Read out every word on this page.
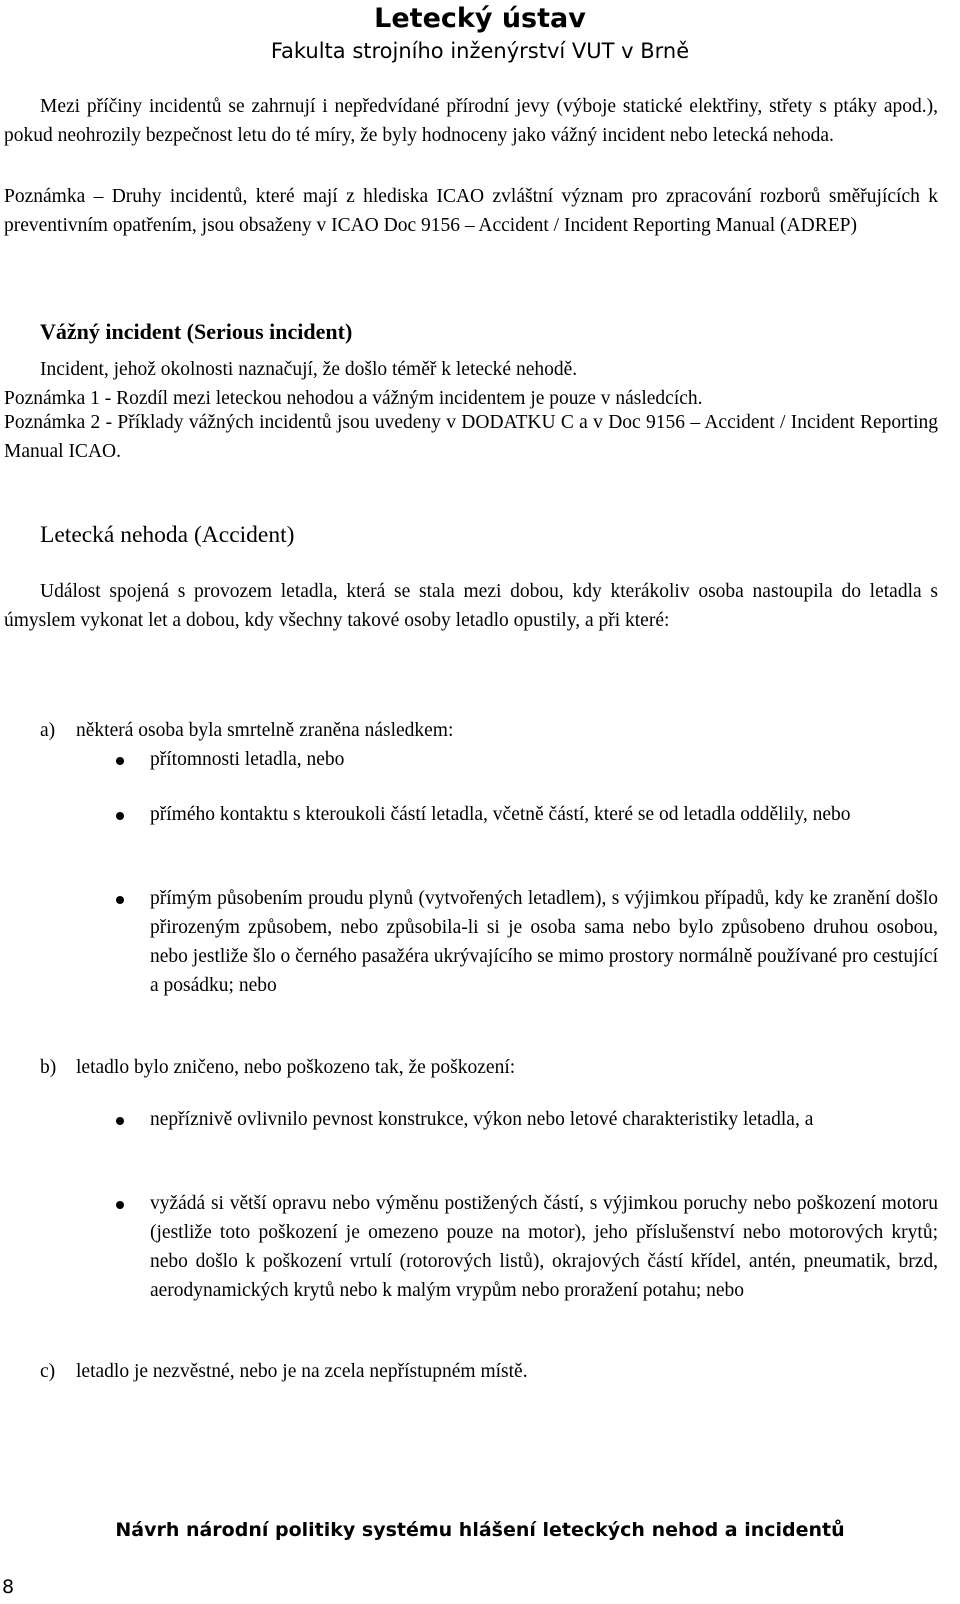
Letecký ústav

Fakulta strojního inženýrství VUT v Brně

Mezi příčiny incidentů se zahrnují i nepředvídané přírodní jevy (výboje statické elektřiny, střety s ptáky apod.), pokud neohrozily bezpečnost letu do té míry, že byly hodnoceny jako vážný incident nebo letecká nehoda.

Poznámka – Druhy incidentů, které mají z hlediska ICAO zvláštní význam pro zpracování rozborů směřujících k preventivním opatřením, jsou obsaženy v ICAO Doc 9156 – Accident / Incident Reporting Manual (ADREP)

Vážný incident (Serious incident)

Incident, jehož okolnosti naznačují, že došlo téměř k letecké nehodě.

Poznámka 1 - Rozdíl mezi leteckou nehodou a vážným incidentem je pouze v následcích.

Poznámka 2 - Příklady vážných incidentů jsou uvedeny v DODATKU C a v Doc 9156 – Accident / Incident Reporting Manual ICAO.

Letecká nehoda (Accident)

Událost spojená s provozem letadla, která se stala mezi dobou, kdy kterákoliv osoba nastoupila do letadla s úmyslem vykonat let a dobou, kdy všechny takové osoby letadlo opustily, a při které:

a) některá osoba byla smrtelně zraněna následkem:

přítomnosti letadla, nebo

přímého kontaktu s kteroukoli částí letadla, včetně částí, které se od letadla oddělily, nebo

přímým působením proudu plynů (vytvořených letadlem), s výjimkou případů, kdy ke zranění došlo přirozeným způsobem, nebo způsobila-li si je osoba sama nebo bylo způsobeno druhou osobou, nebo jestliže šlo o černého pasažéra ukrývajícího se mimo prostory normálně používané pro cestující a posádku; nebo

b) letadlo bylo zničeno, nebo poškozeno tak, že poškození:

nepříznivě ovlivnilo pevnost konstrukce, výkon nebo letové charakteristiky letadla, a

vyžádá si větší opravu nebo výměnu postižených částí, s výjimkou poruchy nebo poškození motoru (jestliže toto poškození je omezeno pouze na motor), jeho příslušenství nebo motorových krytů; nebo došlo k poškození vrtulí (rotorových listů), okrajových částí křídel, antén, pneumatik, brzd, aerodynamických krytů nebo k malým vrypům nebo proražení potahu; nebo

c) letadlo je nezvěstné, nebo je na zcela nepřístupném místě.
Návrh národní politiky systému hlášení leteckých nehod a incidentů
8
